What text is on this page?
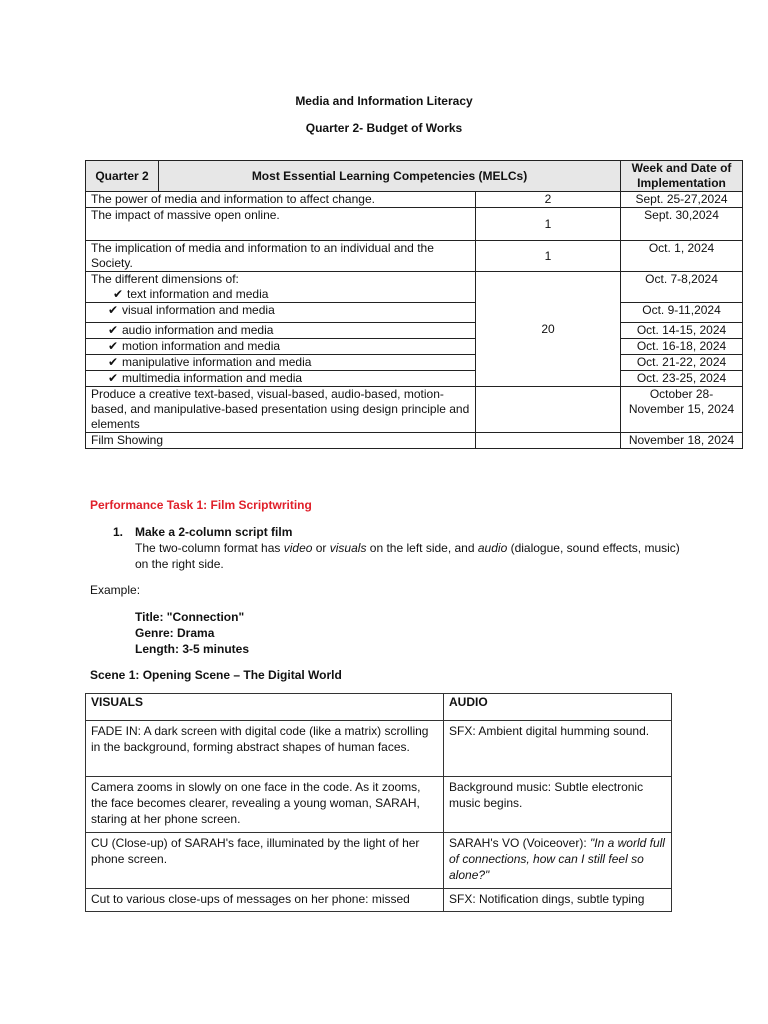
Media and Information Literacy
Quarter 2- Budget of Works
Quarter 2	Most Essential Learning Competencies (MELCs)		Week and Date of Implementation
The power of media and information to affect change.		2	Sept. 25-27,2024
The impact of massive open online.		1	Sept. 30,2024
The implication of media and information to an individual and the Society.		1	Oct. 1, 2024

The different dimensions of:
✔ text information and media		20	Oct. 7-8,2024
✔ visual information and media			Oct. 9-11,2024
✔ audio information and media			Oct. 14-15, 2024
✔ motion information and media			Oct. 16-18, 2024
✔ manipulative information and media			Oct. 21-22, 2024
✔ multimedia information and media			Oct. 23-25, 2024
Produce a creative text-based, visual-based, audio-based, motion-based, and manipulative-based presentation using design principle and elements			October 28-November 15, 2024
Film Showing			November 18, 2024
Performance Task 1: Film Scriptwriting
1. Make a 2-column script film
The two-column format has video or visuals on the left side, and audio (dialogue, sound effects, music) on the right side.
Example:
Title: "Connection"
Genre: Drama
Length: 3-5 minutes
Scene 1: Opening Scene – The Digital World
VISUALS	AUDIO
FADE IN: A dark screen with digital code (like a matrix) scrolling in the background, forming abstract shapes of human faces.	SFX: Ambient digital humming sound.
Camera zooms in slowly on one face in the code. As it zooms, the face becomes clearer, revealing a young woman, SARAH, staring at her phone screen.	Background music: Subtle electronic music begins.
CU (Close-up) of SARAH's face, illuminated by the light of her phone screen.	SARAH's VO (Voiceover): "In a world full of connections, how can I still feel so alone?"
Cut to various close-ups of messages on her phone: missed	SFX: Notification dings, subtle typing
